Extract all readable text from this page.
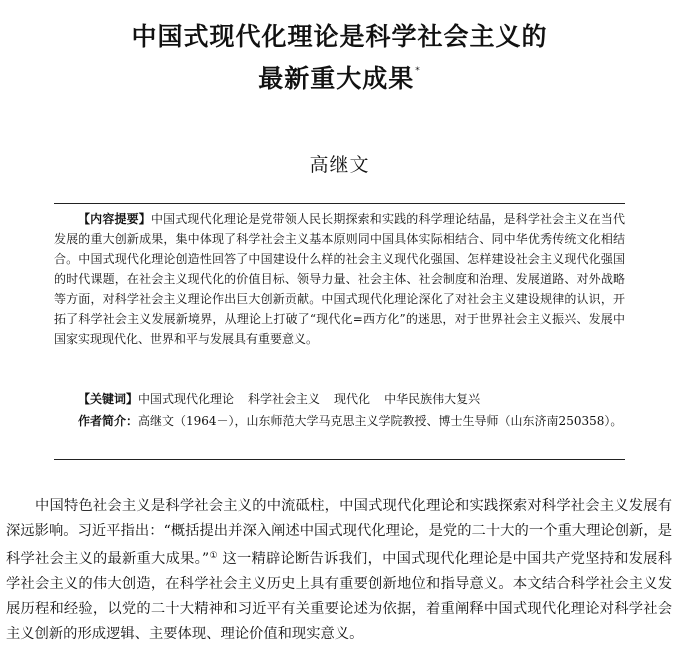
中国式现代化理论是科学社会主义的
最新重大成果*
高继文

【内容提要】中国式现代化理论是党带领人民长期探索和实践的科学理论结晶，是科学社会主义在当代发展的重大创新成果，集中体现了科学社会主义基本原则同中国具体实际相结合、同中华优秀传统文化相结合。中国式现代化理论创造性回答了中国建设什么样的社会主义现代化强国、怎样建设社会主义现代化强国的时代课题，在社会主义现代化的价值目标、领导力量、社会主体、社会制度和治理、发展道路、对外战略等方面，对科学社会主义理论作出巨大创新贡献。中国式现代化理论深化了对社会主义建设规律的认识，开拓了科学社会主义发展新境界，从理论上打破了“现代化=西方化”的迷思，对于世界社会主义振兴、发展中国家实现现代化、世界和平与发展具有重要意义。

【关键词】中国式现代化理论 科学社会主义 现代化 中华民族伟大复兴

作者简介：高继文（1964－），山东师范大学马克思主义学院教授、博士生导师（山东济南250358）。

中国特色社会主义是科学社会主义的中流砥柱，中国式现代化理论和实践探索对科学社会主义发展有深远影响。习近平指出：“概括提出并深入阐述中国式现代化理论，是党的二十大的一个重大理论创新，是科学社会主义的最新重大成果。”① 这一精辟论断告诉我们，中国式现代化理论是中国共产党坚持和发展科学社会主义的伟大创造，在科学社会主义历史上具有重要创新地位和指导意义。本文结合科学社会主义发展历程和经验，以党的二十大精神和习近平有关重要论述为依据，着重阐释中国式现代化理论对科学社会主义创新的形成逻辑、主要体现、理论价值和现实意义。
